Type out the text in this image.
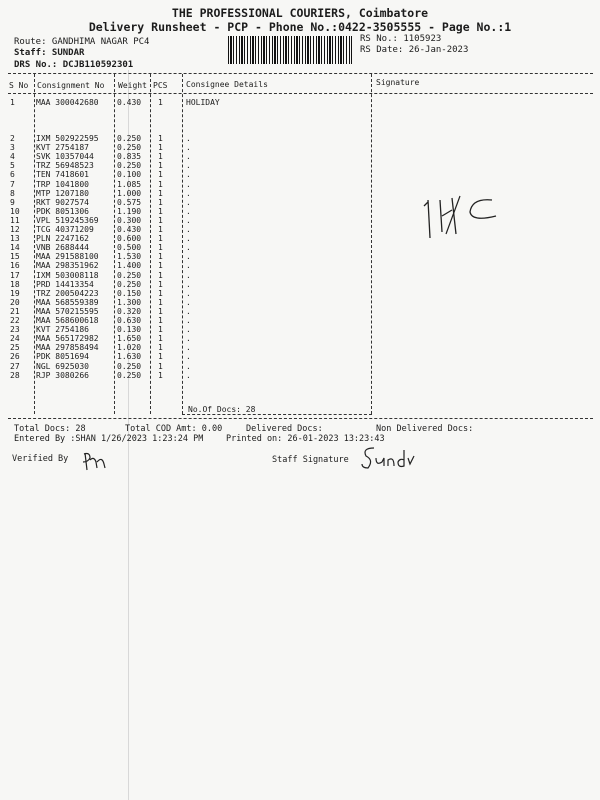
THE PROFESSIONAL COURIERS, Coimbatore
Delivery Runsheet - PCP - Phone No.:0422-3505555 - Page No.:1
Route: GANDHIMA NAGAR PC4
Staff: SUNDAR
DRS No.: DCJB110592301
RS No.: 1105923
RS Date: 26-Jan-2023
S No Consignment No Weight PCS Consignee Details	Signature
1	MAA 300042680 0.430 1	HOLIDAY
2	IXM 502922595 0.250 1	.
3	KVT 2754187	0.250 1	.
4	SVK 10357044	0.835 1	.
5	TRZ 56948523	0.250 1	.
6	TEN 7418601	0.100 1	.
7	TRP 1041800	1.085 1	.
8	MTP 1207180	1.000 1	.
9	RKT 9027574	0.575 1	.
10 PDK 8051306	1.190 1	.
11 VPL 519245369 0.300 1	.
12 TCG 40371209	0.430 1	.
13 PLN 2247162	0.600 1	.
14 VNB 2688444	0.500 1	.
15 MAA 291588100 1.530 1	.
16 MAA 298351962 1.400 1	.
17 IXM 503008118 0.250 1	.
18 PRD 14413354	0.250 1	.
19 TRZ 200504223 0.150 1	.
20 MAA 568559389 1.300 1	.
21 MAA 570215595 0.320 1	.
22 MAA 568600618 0.630 1	.
23 KVT 2754186	0.130 1	.
24 MAA 565172982 1.650 1	.
25 MAA 297858494 1.020 1	.
26 PDK 8051694	1.630 1	.
27 NGL 6925030	0.250 1	.
28 RJP 3080266	0.250 1	.
No.Of Docs: 28
Total Docs: 28	Total COD Amt: 0.00	Delivered Docs:	Non Delivered Docs:
Entered By :SHAN 1/26/2023 1:23:24 PM	Printed on: 26-01-2023 13:23:43
Verified By	Staff Signature
